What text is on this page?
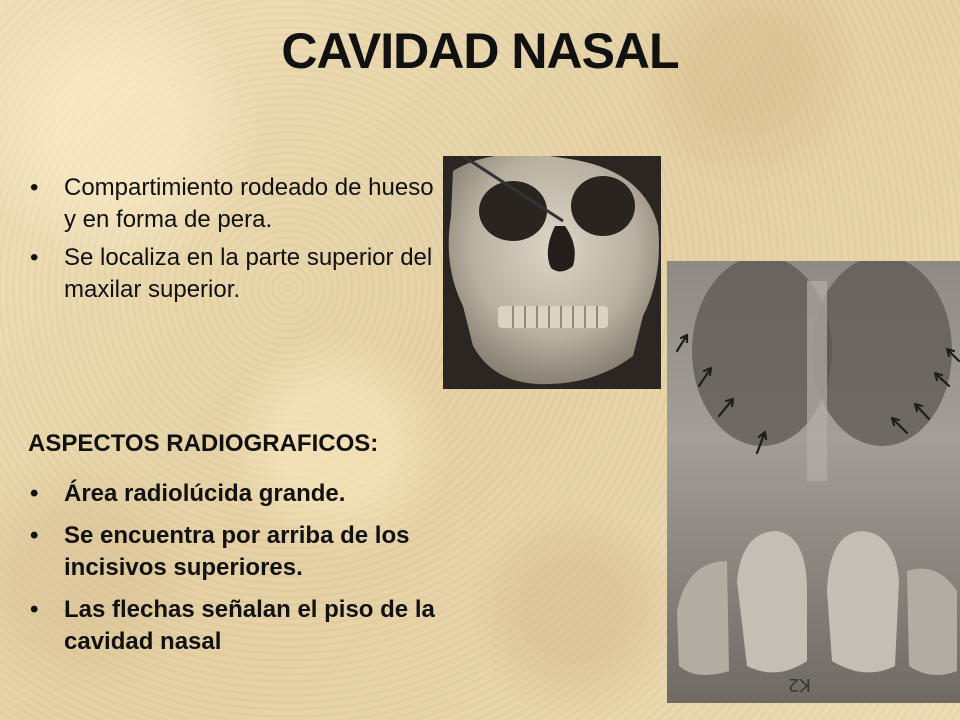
CAVIDAD NASAL
• Compartimiento rodeado de hueso y en forma de pera.
• Se localiza en la parte superior del maxilar superior.
ASPECTOS RADIOGRAFICOS:
• Área radiolúcida grande.
• Se encuentra por arriba de los incisivos superiores.
• Las flechas señalan el piso de la cavidad nasal
K2
